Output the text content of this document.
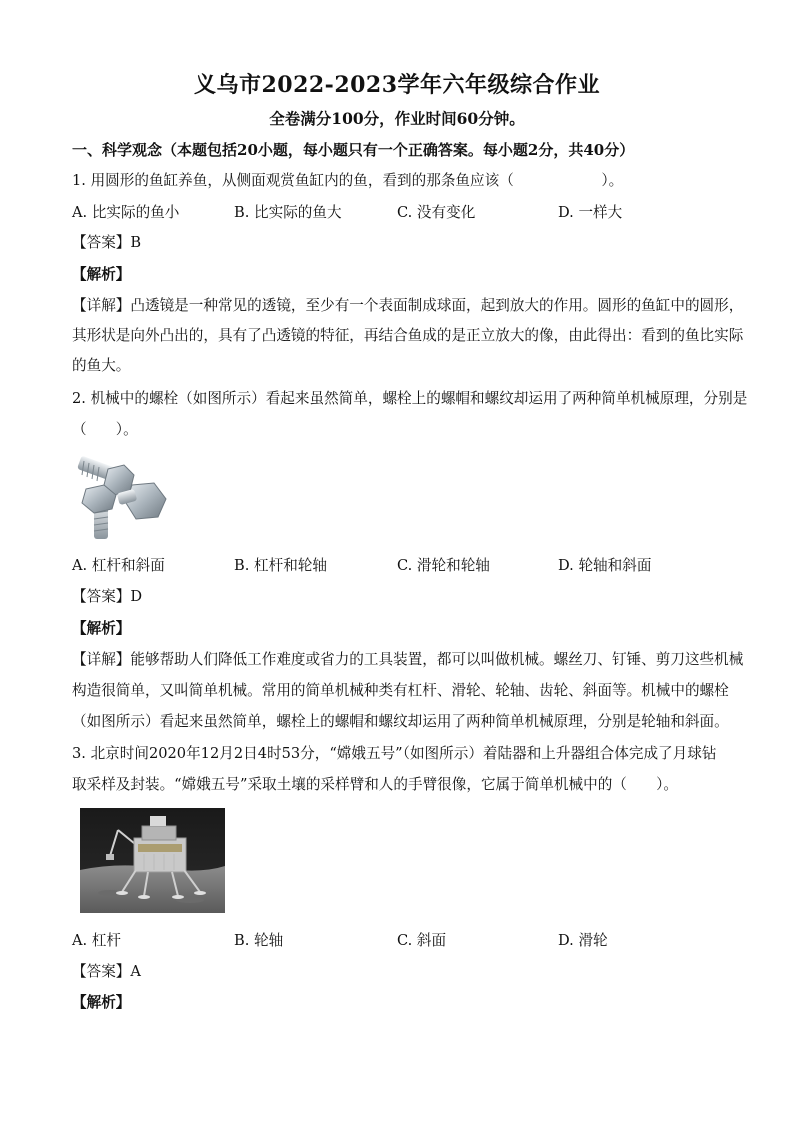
义乌市2022-2023学年六年级综合作业
全卷满分100分，作业时间60分钟。
一、科学观念（本题包括20小题，每小题只有一个正确答案。每小题2分，共40分）
1. 用圆形的鱼缸养鱼，从侧面观赏鱼缸内的鱼，看到的那条鱼应该（　　　　　　）。
A. 比实际的鱼小	B. 比实际的鱼大	C. 没有变化	D. 一样大
【答案】B
【解析】
【详解】凸透镜是一种常见的透镜，至少有一个表面制成球面，起到放大的作用。圆形的鱼缸中的圆形，
其形状是向外凸出的，具有了凸透镜的特征，再结合鱼成的是正立放大的像，由此得出：看到的鱼比实际
的鱼大。
2. 机械中的螺栓（如图所示）看起来虽然简单，螺栓上的螺帽和螺纹却运用了两种简单机械原理，分别是
（　　）。
A. 杠杆和斜面	B. 杠杆和轮轴	C. 滑轮和轮轴	D. 轮轴和斜面
【答案】D
【解析】
【详解】能够帮助人们降低工作难度或省力的工具装置，都可以叫做机械。螺丝刀、钉锤、剪刀这些机械
构造很简单，又叫简单机械。常用的简单机械种类有杠杆、滑轮、轮轴、齿轮、斜面等。机械中的螺栓
（如图所示）看起来虽然简单，螺栓上的螺帽和螺纹却运用了两种简单机械原理，分别是轮轴和斜面。
3. 北京时间2020年12月2日4时53分，“嫦娥五号”（如图所示）着陆器和上升器组合体完成了月球钻
取采样及封装。“嫦娥五号”采取土壤的采样臂和人的手臂很像，它属于简单机械中的（　　）。
A. 杠杆	B. 轮轴	C. 斜面	D. 滑轮
【答案】A
【解析】
